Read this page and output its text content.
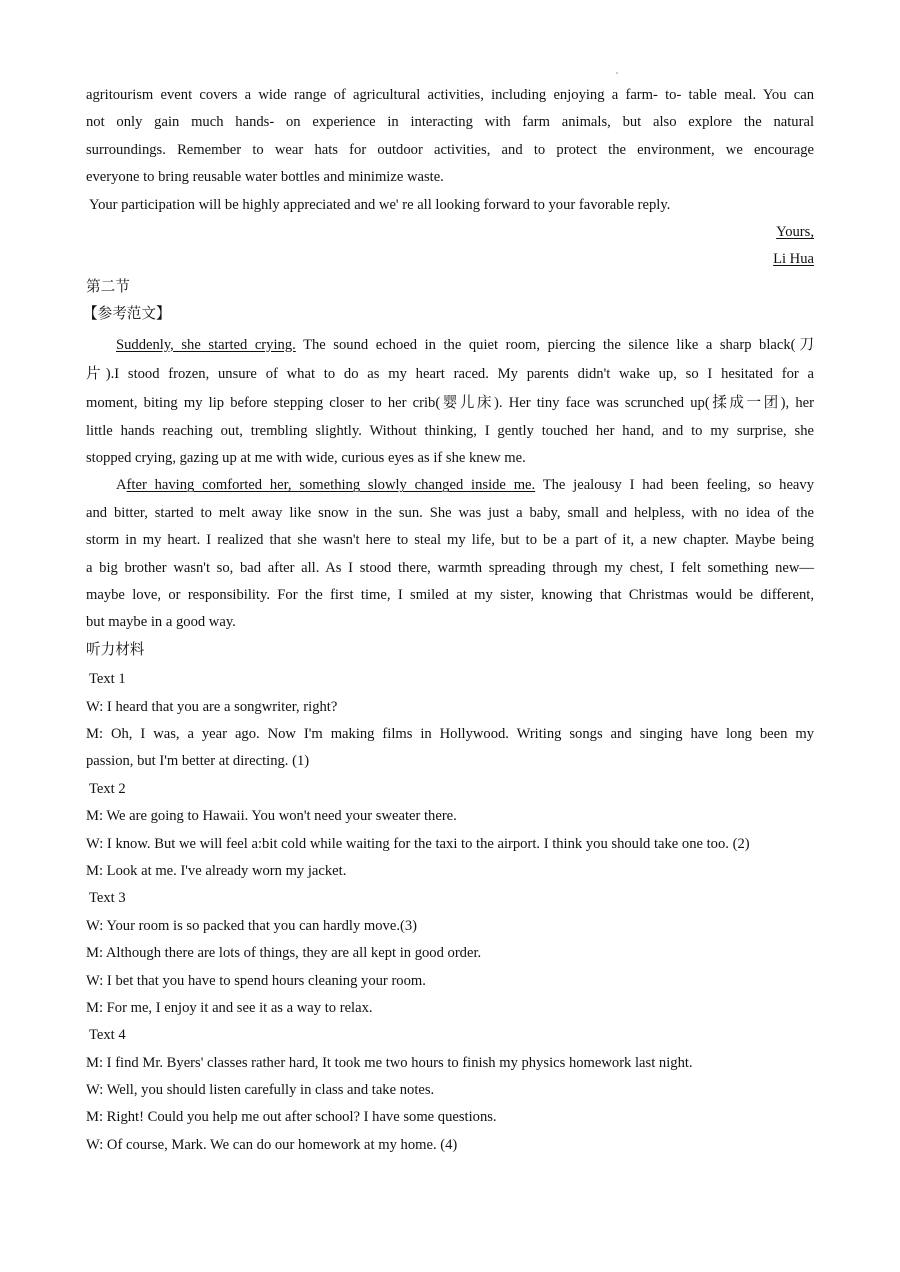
agritourism event covers a wide range of agricultural activities, including enjoying a farm- to- table meal. You can
not only gain much hands- on experience in interacting with farm animals, but also explore the natural
surroundings. Remember to wear hats for outdoor activities, and to protect the environment, we encourage
everyone to bring reusable water bottles and minimize waste.
Your participation will be highly appreciated and we' re all looking forward to your favorable reply.
Yours,
Li Hua
第二节
【参考范文】
Suddenly, she started crying. The sound echoed in the quiet room, piercing the silence like a sharp black(刀
片).I stood frozen, unsure of what to do as my heart raced. My parents didn't wake up, so I hesitated for a
moment, biting my lip before stepping closer to her crib(婴儿床). Her tiny face was scrunched up(揉成一团), her
little hands reaching out, trembling slightly. Without thinking, I gently touched her hand, and to my surprise, she
stopped crying, gazing up at me with wide, curious eyes as if she knew me.
After having comforted her, something slowly changed inside me. The jealousy I had been feeling, so heavy
and bitter, started to melt away like snow in the sun. She was just a baby, small and helpless, with no idea of the
storm in my heart. I realized that she wasn't here to steal my life, but to be a part of it, a new chapter. Maybe being
a big brother wasn't so, bad after all. As I stood there, warmth spreading through my chest, I felt something new—
maybe love, or responsibility. For the first time, I smiled at my sister, knowing that Christmas would be different,
but maybe in a good way.
听力材料
Text 1
W: I heard that you are a songwriter, right?
M: Oh, I was, a year ago. Now I'm making films in Hollywood. Writing songs and singing have long been my
passion, but I'm better at directing. (1)
Text 2
M: We are going to Hawaii. You won't need your sweater there.
W: I know. But we will feel a:bit cold while waiting for the taxi to the airport. I think you should take one too. (2)
M: Look at me. I've already worn my jacket.
Text 3
W: Your room is so packed that you can hardly move.(3)
M: Although there are lots of things, they are all kept in good order.
W: I bet that you have to spend hours cleaning your room.
M: For me, I enjoy it and see it as a way to relax.
Text 4
M: I find Mr. Byers' classes rather hard, It took me two hours to finish my physics homework last night.
W: Well, you should listen carefully in class and take notes.
M: Right! Could you help me out after school? I have some questions.
W: Of course, Mark. We can do our homework at my home. (4)
